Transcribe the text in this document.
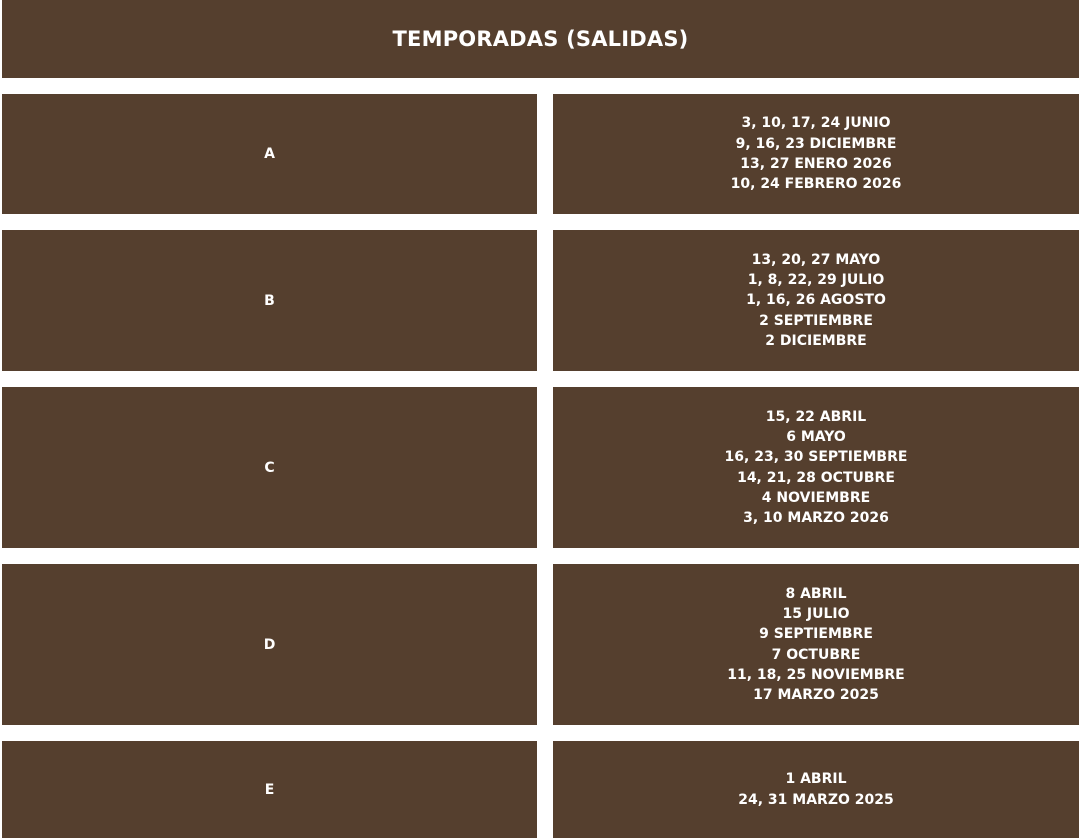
TEMPORADAS (SALIDAS)
A
3, 10, 17, 24 JUNIO
9, 16, 23 DICIEMBRE
13, 27 ENERO 2026
10, 24 FEBRERO 2026
B
13, 20, 27 MAYO
1, 8, 22, 29 JULIO
1, 16, 26 AGOSTO
2 SEPTIEMBRE
2 DICIEMBRE
C
15, 22 ABRIL
6 MAYO
16, 23, 30 SEPTIEMBRE
14, 21, 28 OCTUBRE
4 NOVIEMBRE
3, 10 MARZO 2026
D
8 ABRIL
15 JULIO
9 SEPTIEMBRE
7 OCTUBRE
11, 18, 25 NOVIEMBRE
17 MARZO 2025
E
1 ABRIL
24, 31 MARZO 2025
